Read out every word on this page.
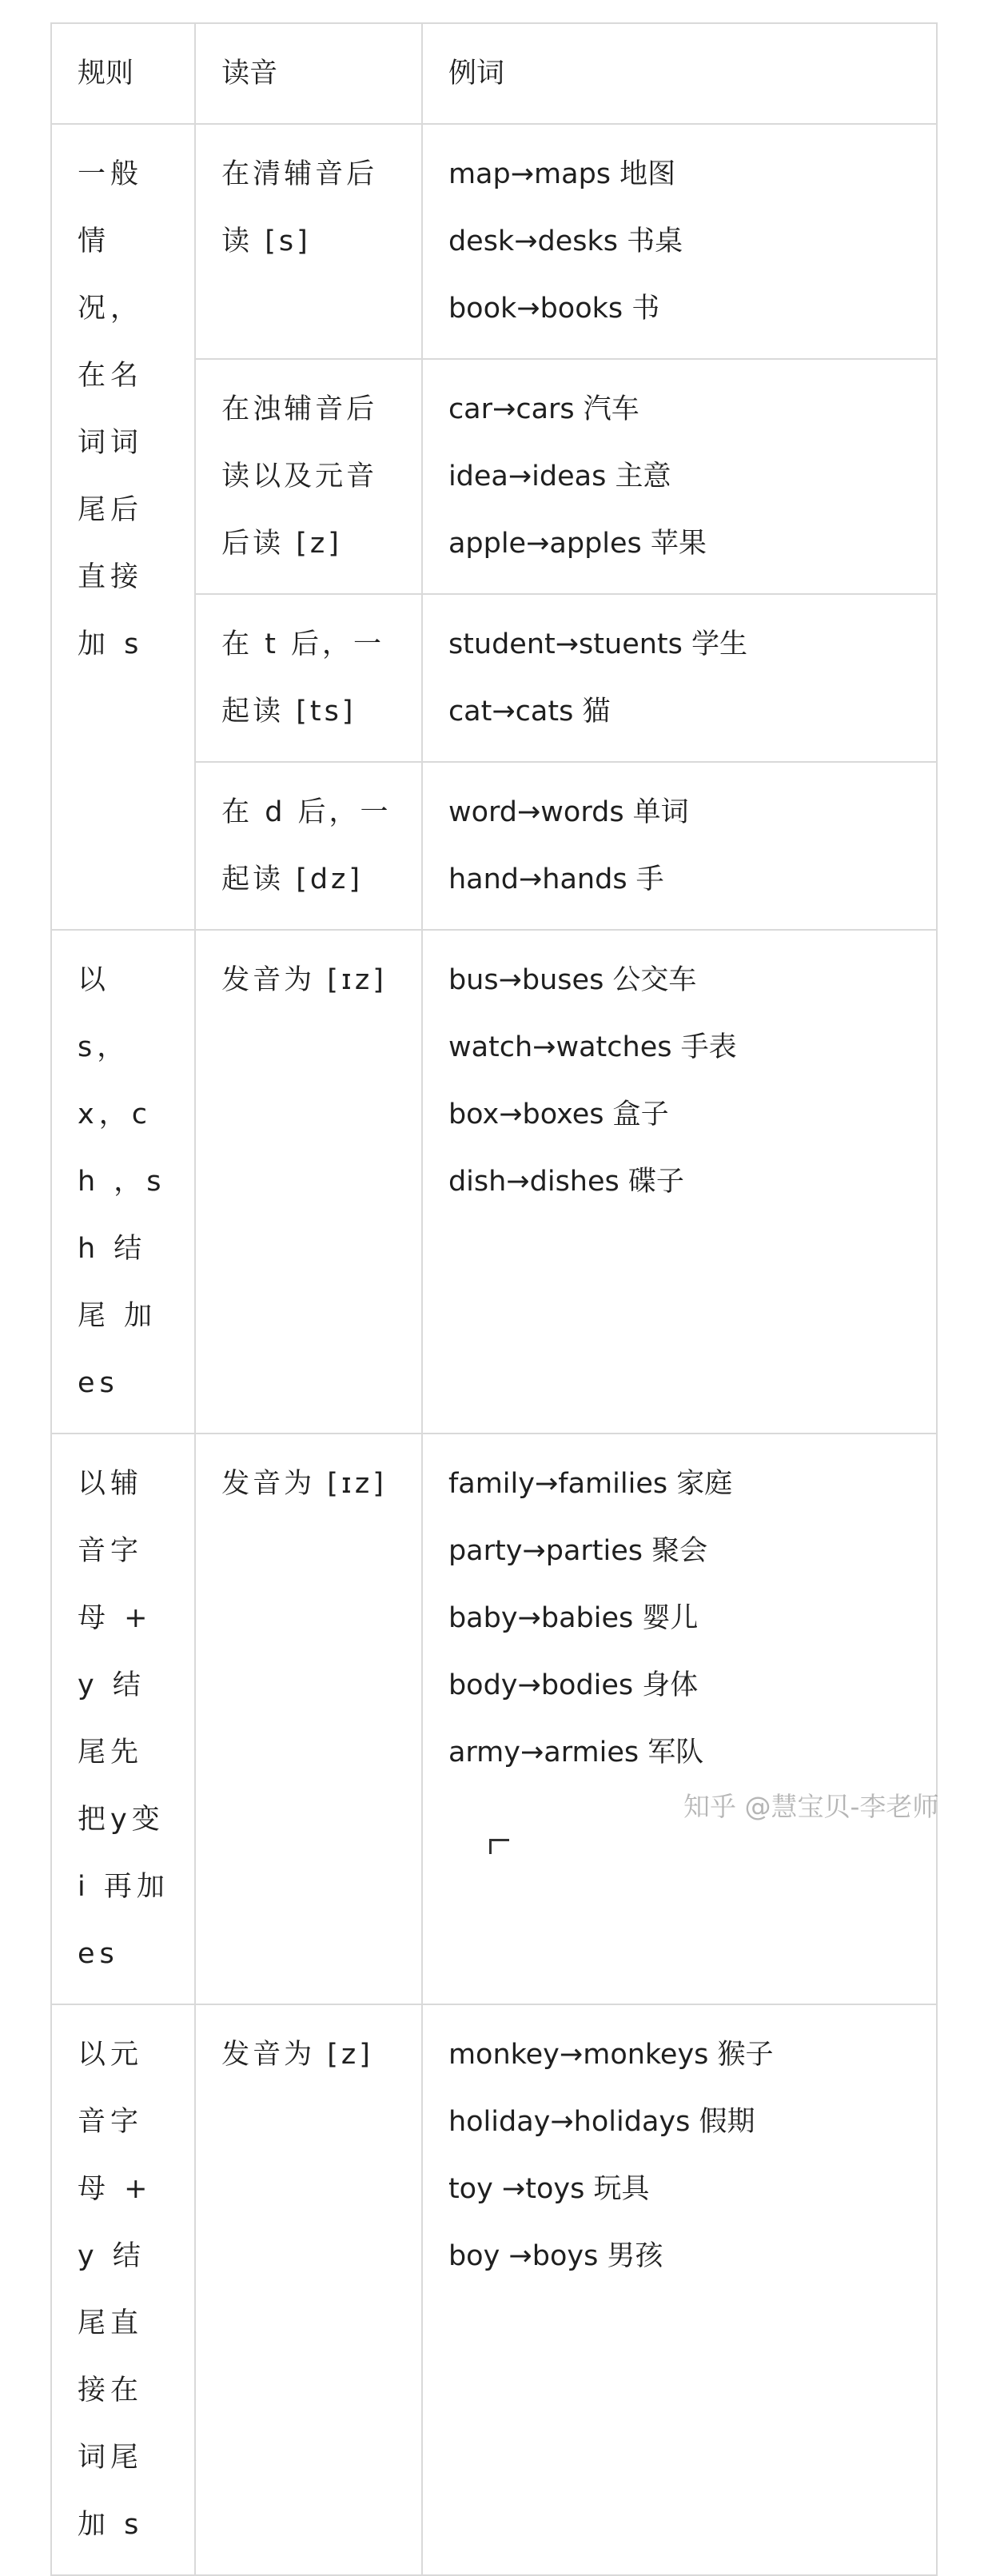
规则	读音	例词
一般情况，在名词词尾后直接加 s	在清辅音后读 [s]	map→maps 地图
desk→desks 书桌
book→books 书

	在浊辅音后读以及元音后读 [z]	car→cars 汽车
idea→ideas 主意
apple→apples 苹果

	在 t 后，一起读 [ts]	student→stuents 学生
cat→cats 猫

	在 d 后，一起读 [dz]	word→words 单词
hand→hands 手

以 s，x，ch ，sh 结尾 加 es	发音为 [ɪz]	bus→buses 公交车
watch→watches 手表
box→boxes 盒子
dish→dishes 碟子

以辅音字母 + y 结尾先把y变 i 再加es	发音为 [ɪz]	family→families 家庭
party→parties 聚会
baby→babies 婴儿
body→bodies 身体
army→armies 军队

以元音字母 + y 结尾直接在词尾加 s	发音为 [z]	monkey→monkeys 猴子
holiday→holidays 假期
toy →toys 玩具
boy →boys 男孩
知乎 @慧宝贝-李老师
